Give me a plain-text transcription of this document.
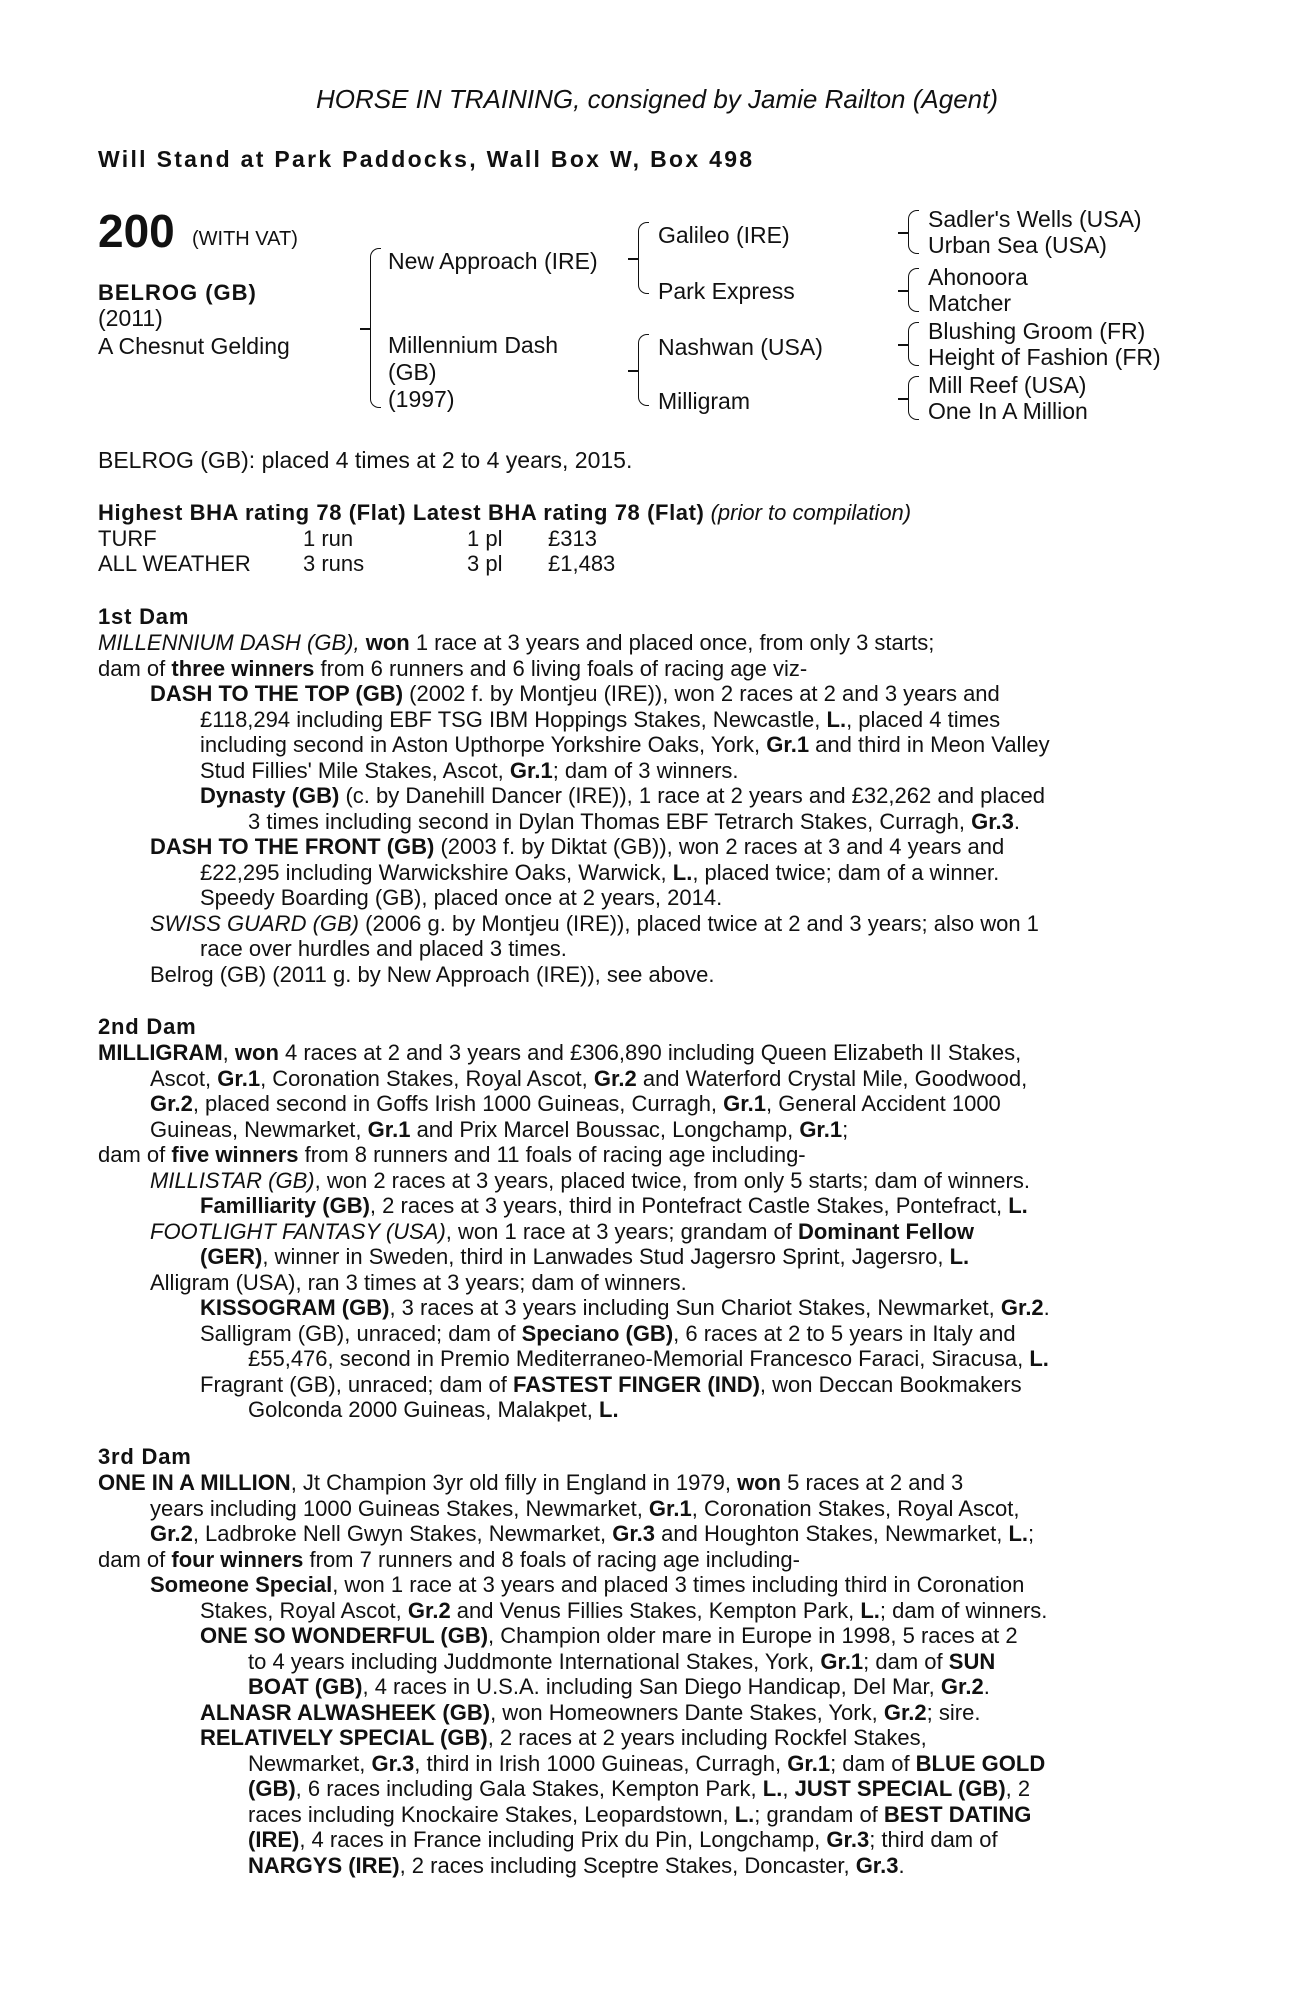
HORSE IN TRAINING, consigned by Jamie Railton (Agent)
Will Stand at Park Paddocks, Wall Box W, Box 498
200 (WITH VAT)
BELROG (GB)
(2011)
A Chesnut Gelding
New Approach (IRE)
Millennium Dash
(GB)
(1997)
Galileo (IRE)
Park Express
Nashwan (USA)
Milligram
Sadler's Wells (USA)
Urban Sea (USA)
Ahonoora
Matcher
Blushing Groom (FR)
Height of Fashion (FR)
Mill Reef (USA)
One In A Million
BELROG (GB): placed 4 times at 2 to 4 years, 2015.
Highest BHA rating 78 (Flat) Latest BHA rating 78 (Flat) (prior to compilation)
TURF	1 run	1 pl £313
ALL WEATHER 3 runs	3 pl £1,483
1st Dam
MILLENNIUM DASH (GB), won 1 race at 3 years and placed once, from only 3 starts;
dam of three winners from 6 runners and 6 living foals of racing age viz-
DASH TO THE TOP (GB) (2002 f. by Montjeu (IRE)), won 2 races at 2 and 3 years and
£118,294 including EBF TSG IBM Hoppings Stakes, Newcastle, L., placed 4 times
including second in Aston Upthorpe Yorkshire Oaks, York, Gr.1 and third in Meon Valley
Stud Fillies' Mile Stakes, Ascot, Gr.1; dam of 3 winners.
Dynasty (GB) (c. by Danehill Dancer (IRE)), 1 race at 2 years and £32,262 and placed
3 times including second in Dylan Thomas EBF Tetrarch Stakes, Curragh, Gr.3.
DASH TO THE FRONT (GB) (2003 f. by Diktat (GB)), won 2 races at 3 and 4 years and
£22,295 including Warwickshire Oaks, Warwick, L., placed twice; dam of a winner.
Speedy Boarding (GB), placed once at 2 years, 2014.
SWISS GUARD (GB) (2006 g. by Montjeu (IRE)), placed twice at 2 and 3 years; also won 1
race over hurdles and placed 3 times.
Belrog (GB) (2011 g. by New Approach (IRE)), see above.
2nd Dam
MILLIGRAM, won 4 races at 2 and 3 years and £306,890 including Queen Elizabeth II Stakes,
Ascot, Gr.1, Coronation Stakes, Royal Ascot, Gr.2 and Waterford Crystal Mile, Goodwood,
Gr.2, placed second in Goffs Irish 1000 Guineas, Curragh, Gr.1, General Accident 1000
Guineas, Newmarket, Gr.1 and Prix Marcel Boussac, Longchamp, Gr.1;
dam of five winners from 8 runners and 11 foals of racing age including-
MILLISTAR (GB), won 2 races at 3 years, placed twice, from only 5 starts; dam of winners.
Familliarity (GB), 2 races at 3 years, third in Pontefract Castle Stakes, Pontefract, L.
FOOTLIGHT FANTASY (USA), won 1 race at 3 years; grandam of Dominant Fellow
(GER), winner in Sweden, third in Lanwades Stud Jagersro Sprint, Jagersro, L.
Alligram (USA), ran 3 times at 3 years; dam of winners.
KISSOGRAM (GB), 3 races at 3 years including Sun Chariot Stakes, Newmarket, Gr.2.
Salligram (GB), unraced; dam of Speciano (GB), 6 races at 2 to 5 years in Italy and
£55,476, second in Premio Mediterraneo-Memorial Francesco Faraci, Siracusa, L.
Fragrant (GB), unraced; dam of FASTEST FINGER (IND), won Deccan Bookmakers
Golconda 2000 Guineas, Malakpet, L.
3rd Dam
ONE IN A MILLION, Jt Champion 3yr old filly in England in 1979, won 5 races at 2 and 3
years including 1000 Guineas Stakes, Newmarket, Gr.1, Coronation Stakes, Royal Ascot,
Gr.2, Ladbroke Nell Gwyn Stakes, Newmarket, Gr.3 and Houghton Stakes, Newmarket, L.;
dam of four winners from 7 runners and 8 foals of racing age including-
Someone Special, won 1 race at 3 years and placed 3 times including third in Coronation
Stakes, Royal Ascot, Gr.2 and Venus Fillies Stakes, Kempton Park, L.; dam of winners.
ONE SO WONDERFUL (GB), Champion older mare in Europe in 1998, 5 races at 2
to 4 years including Juddmonte International Stakes, York, Gr.1; dam of SUN
BOAT (GB), 4 races in U.S.A. including San Diego Handicap, Del Mar, Gr.2.
ALNASR ALWASHEEK (GB), won Homeowners Dante Stakes, York, Gr.2; sire.
RELATIVELY SPECIAL (GB), 2 races at 2 years including Rockfel Stakes,
Newmarket, Gr.3, third in Irish 1000 Guineas, Curragh, Gr.1; dam of BLUE GOLD
(GB), 6 races including Gala Stakes, Kempton Park, L., JUST SPECIAL (GB), 2
races including Knockaire Stakes, Leopardstown, L.; grandam of BEST DATING
(IRE), 4 races in France including Prix du Pin, Longchamp, Gr.3; third dam of
NARGYS (IRE), 2 races including Sceptre Stakes, Doncaster, Gr.3.
